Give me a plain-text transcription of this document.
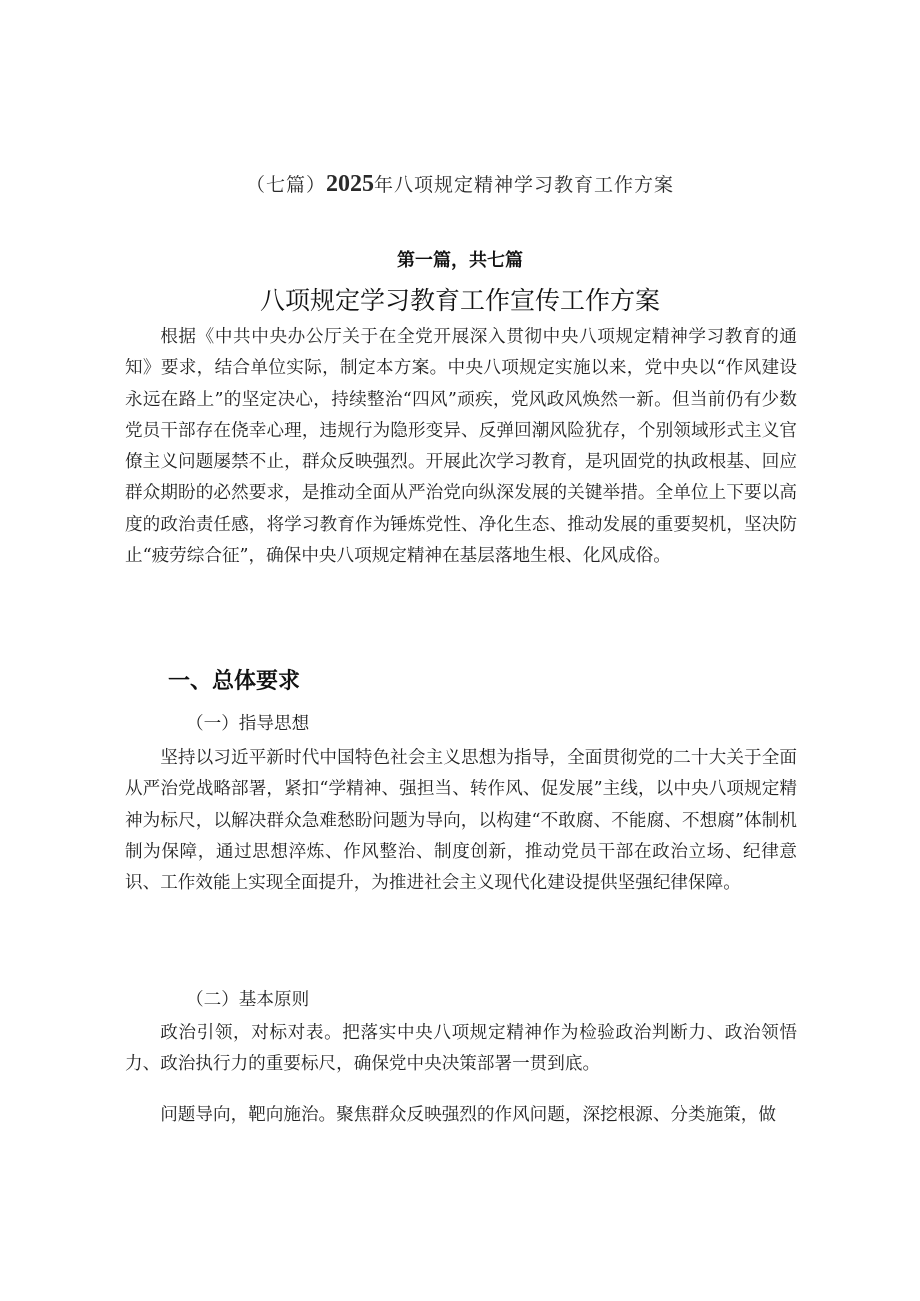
（七篇）2025年八项规定精神学习教育工作方案
第一篇，共七篇
八项规定学习教育工作宣传工作方案

根据《中共中央办公厅关于在全党开展深入贯彻中央八项规定精神学习教育的通知》要求，结合单位实际，制定本方案。中央八项规定实施以来，党中央以“作风建设永远在路上”的坚定决心，持续整治“四风”顽疾，党风政风焕然一新。但当前仍有少数党员干部存在侥幸心理，违规行为隐形变异、反弹回潮风险犹存，个别领域形式主义官僚主义问题屡禁不止，群众反映强烈。开展此次学习教育，是巩固党的执政根基、回应群众期盼的必然要求，是推动全面从严治党向纵深发展的关键举措。全单位上下要以高度的政治责任感，将学习教育作为锤炼党性、净化生态、推动发展的重要契机，坚决防止“疲劳综合征”，确保中央八项规定精神在基层落地生根、化风成俗。

一、总体要求
（一）指导思想

坚持以习近平新时代中国特色社会主义思想为指导，全面贯彻党的二十大关于全面从严治党战略部署，紧扣“学精神、强担当、转作风、促发展”主线，以中央八项规定精神为标尺，以解决群众急难愁盼问题为导向，以构建“不敢腐、不能腐、不想腐”体制机制为保障，通过思想淬炼、作风整治、制度创新，推动党员干部在政治立场、纪律意识、工作效能上实现全面提升，为推进社会主义现代化建设提供坚强纪律保障。

（二）基本原则

政治引领，对标对表。把落实中央八项规定精神作为检验政治判断力、政治领悟力、政治执行力的重要标尺，确保党中央决策部署一贯到底。

问题导向，靶向施治。聚焦群众反映强烈的作风问题，深挖根源、分类施策，做
